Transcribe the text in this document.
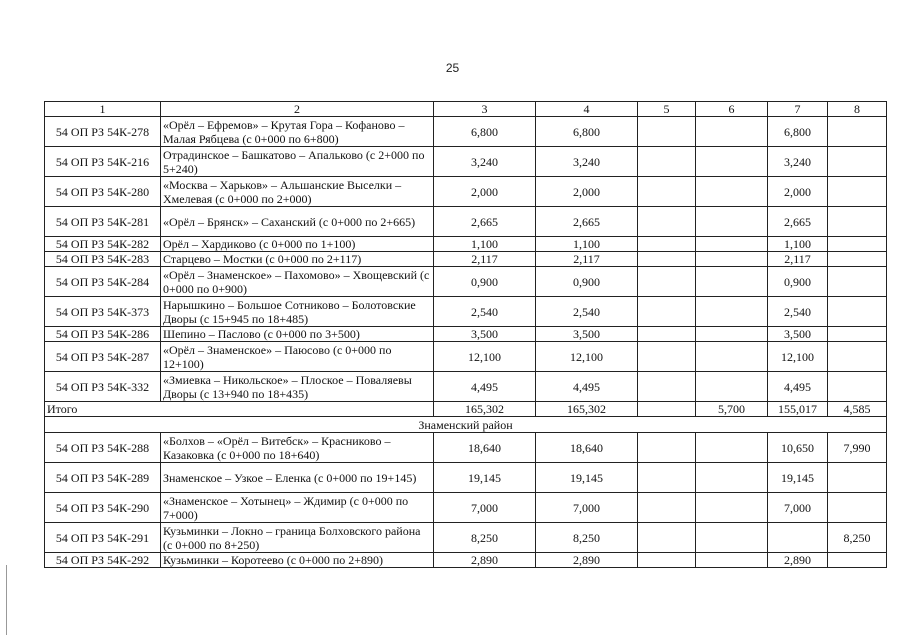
25
1	2	3	4	5	6	7	8
54 ОП РЗ 54К-278	«Орёл – Ефремов» – Крутая Гора – Кофаново – Малая Рябцева (с 0+000 по 6+800)	6,800	6,800			6,800	
54 ОП РЗ 54К-216	Отрадинское – Башкатово – Апальково (с 2+000 по 5+240)	3,240	3,240			3,240	
54 ОП РЗ 54К-280	«Москва – Харьков» – Альшанские Выселки – Хмелевая (с 0+000 по 2+000)	2,000	2,000			2,000	
54 ОП РЗ 54К-281	«Орёл – Брянск» – Саханский (с 0+000 по 2+665)	2,665	2,665			2,665	
54 ОП РЗ 54К-282	Орёл – Хардиково (с 0+000 по 1+100)	1,100	1,100			1,100	
54 ОП РЗ 54К-283	Старцево – Мостки (с 0+000 по 2+117)	2,117	2,117			2,117	
54 ОП РЗ 54К-284	«Орёл – Знаменское» – Пахомово» – Хвощевский (с 0+000 по 0+900)	0,900	0,900			0,900	
54 ОП РЗ 54К-373	Нарышкино – Большое Сотниково – Болотовские Дворы (с 15+945 по 18+485)	2,540	2,540			2,540	
54 ОП РЗ 54К-286	Шепино – Паслово (с 0+000 по 3+500)	3,500	3,500			3,500	
54 ОП РЗ 54К-287	«Орёл – Знаменское» – Паюсово (с 0+000 по 12+100)	12,100	12,100			12,100	
54 ОП РЗ 54К-332	«Змиевка – Никольское» – Плоское – Поваляевы Дворы (с 13+940 по 18+435)	4,495	4,495			4,495	
Итого		165,302	165,302		5,700	155,017	4,585
Знаменский район							
54 ОП РЗ 54К-288	«Болхов – «Орёл – Витебск» – Красниково – Казаковка (с 0+000 по 18+640)	18,640	18,640			10,650	7,990
54 ОП РЗ 54К-289	Знаменское – Узкое – Еленка (с 0+000 по 19+145)	19,145	19,145			19,145	
54 ОП РЗ 54К-290	«Знаменское – Хотынец» – Ждимир (с 0+000 по 7+000)	7,000	7,000			7,000	
54 ОП РЗ 54К-291	Кузьминки – Локно – граница Болховского района (с 0+000 по 8+250)	8,250	8,250				8,250
54 ОП РЗ 54К-292	Кузьминки – Коротеево (с 0+000 по 2+890)	2,890	2,890			2,890	
